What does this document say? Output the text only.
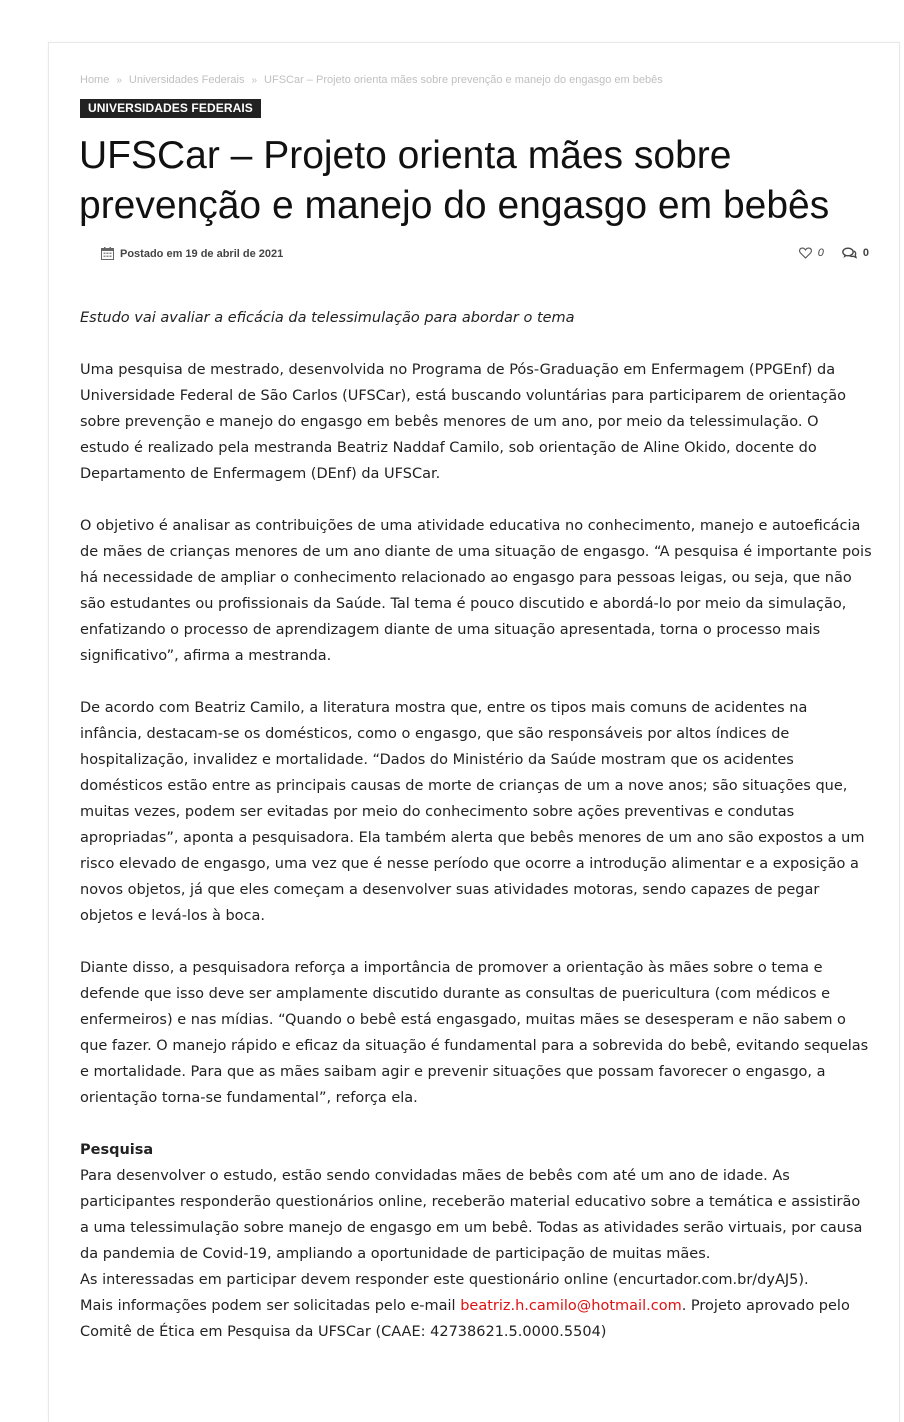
Home » Universidades Federais » UFSCar – Projeto orienta mães sobre prevenção e manejo do engasgo em bebês
UNIVERSIDADES FEDERAIS
UFSCar – Projeto orienta mães sobre prevenção e manejo do engasgo em bebês
Postado em 19 de abril de 2021	0	0

Estudo vai avaliar a eficácia da telessimulação para abordar o tema

Uma pesquisa de mestrado, desenvolvida no Programa de Pós-Graduação em Enfermagem (PPGEnf) da Universidade Federal de São Carlos (UFSCar), está buscando voluntárias para participarem de orientação sobre prevenção e manejo do engasgo em bebês menores de um ano, por meio da telessimulação. O estudo é realizado pela mestranda Beatriz Naddaf Camilo, sob orientação de Aline Okido, docente do Departamento de Enfermagem (DEnf) da UFSCar.

O objetivo é analisar as contribuições de uma atividade educativa no conhecimento, manejo e autoeficácia de mães de crianças menores de um ano diante de uma situação de engasgo. “A pesquisa é importante pois há necessidade de ampliar o conhecimento relacionado ao engasgo para pessoas leigas, ou seja, que não são estudantes ou profissionais da Saúde. Tal tema é pouco discutido e abordá-lo por meio da simulação, enfatizando o processo de aprendizagem diante de uma situação apresentada, torna o processo mais significativo”, afirma a mestranda.

De acordo com Beatriz Camilo, a literatura mostra que, entre os tipos mais comuns de acidentes na infância, destacam-se os domésticos, como o engasgo, que são responsáveis por altos índices de hospitalização, invalidez e mortalidade. “Dados do Ministério da Saúde mostram que os acidentes domésticos estão entre as principais causas de morte de crianças de um a nove anos; são situações que, muitas vezes, podem ser evitadas por meio do conhecimento sobre ações preventivas e condutas apropriadas”, aponta a pesquisadora. Ela também alerta que bebês menores de um ano são expostos a um risco elevado de engasgo, uma vez que é nesse período que ocorre a introdução alimentar e a exposição a novos objetos, já que eles começam a desenvolver suas atividades motoras, sendo capazes de pegar objetos e levá-los à boca.

Diante disso, a pesquisadora reforça a importância de promover a orientação às mães sobre o tema e defende que isso deve ser amplamente discutido durante as consultas de puericultura (com médicos e enfermeiros) e nas mídias. “Quando o bebê está engasgado, muitas mães se desesperam e não sabem o que fazer. O manejo rápido e eficaz da situação é fundamental para a sobrevida do bebê, evitando sequelas e mortalidade. Para que as mães saibam agir e prevenir situações que possam favorecer o engasgo, a orientação torna-se fundamental”, reforça ela.

Pesquisa

Para desenvolver o estudo, estão sendo convidadas mães de bebês com até um ano de idade. As participantes responderão questionários online, receberão material educativo sobre a temática e assistirão a uma telessimulação sobre manejo de engasgo em um bebê. Todas as atividades serão virtuais, por causa da pandemia de Covid-19, ampliando a oportunidade de participação de muitas mães.

As interessadas em participar devem responder este questionário online (encurtador.com.br/dyAJ5).

Mais informações podem ser solicitadas pelo e-mail beatriz.h.camilo@hotmail.com. Projeto aprovado pelo Comitê de Ética em Pesquisa da UFSCar (CAAE: 42738621.5.0000.5504)
